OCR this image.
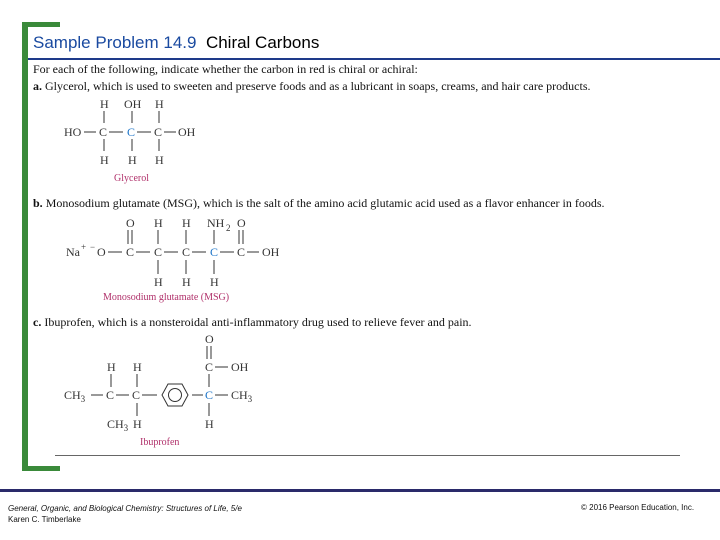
Sample Problem 14.9 Chiral Carbons
For each of the following, indicate whether the carbon in red is chiral or achiral:
a. Glycerol, which is used to sweeten and preserve foods and as a lubricant in soaps, creams, and hair care products.
H OH H
HO C C C OH
H H H
Glycerol
b. Monosodium glutamate (MSG), which is the salt of the amino acid glutamic acid used as a flavor enhancer in foods.
O H H NH 2 O
Na + − O C C C C C OH
H H H
Monosodium glutamate (MSG)
c. Ibuprofen, which is a nonsteroidal anti-inflammatory drug used to relieve fever and pain.
O
C OH
H H
$CH_3$ C C	C $CH_3$
$CH_3$ H	H
Ibuprofen
General, Organic, and Biological Chemistry: Structures of Life, 5/e
Karen C. Timberlake
© 2016 Pearson Education, Inc.
